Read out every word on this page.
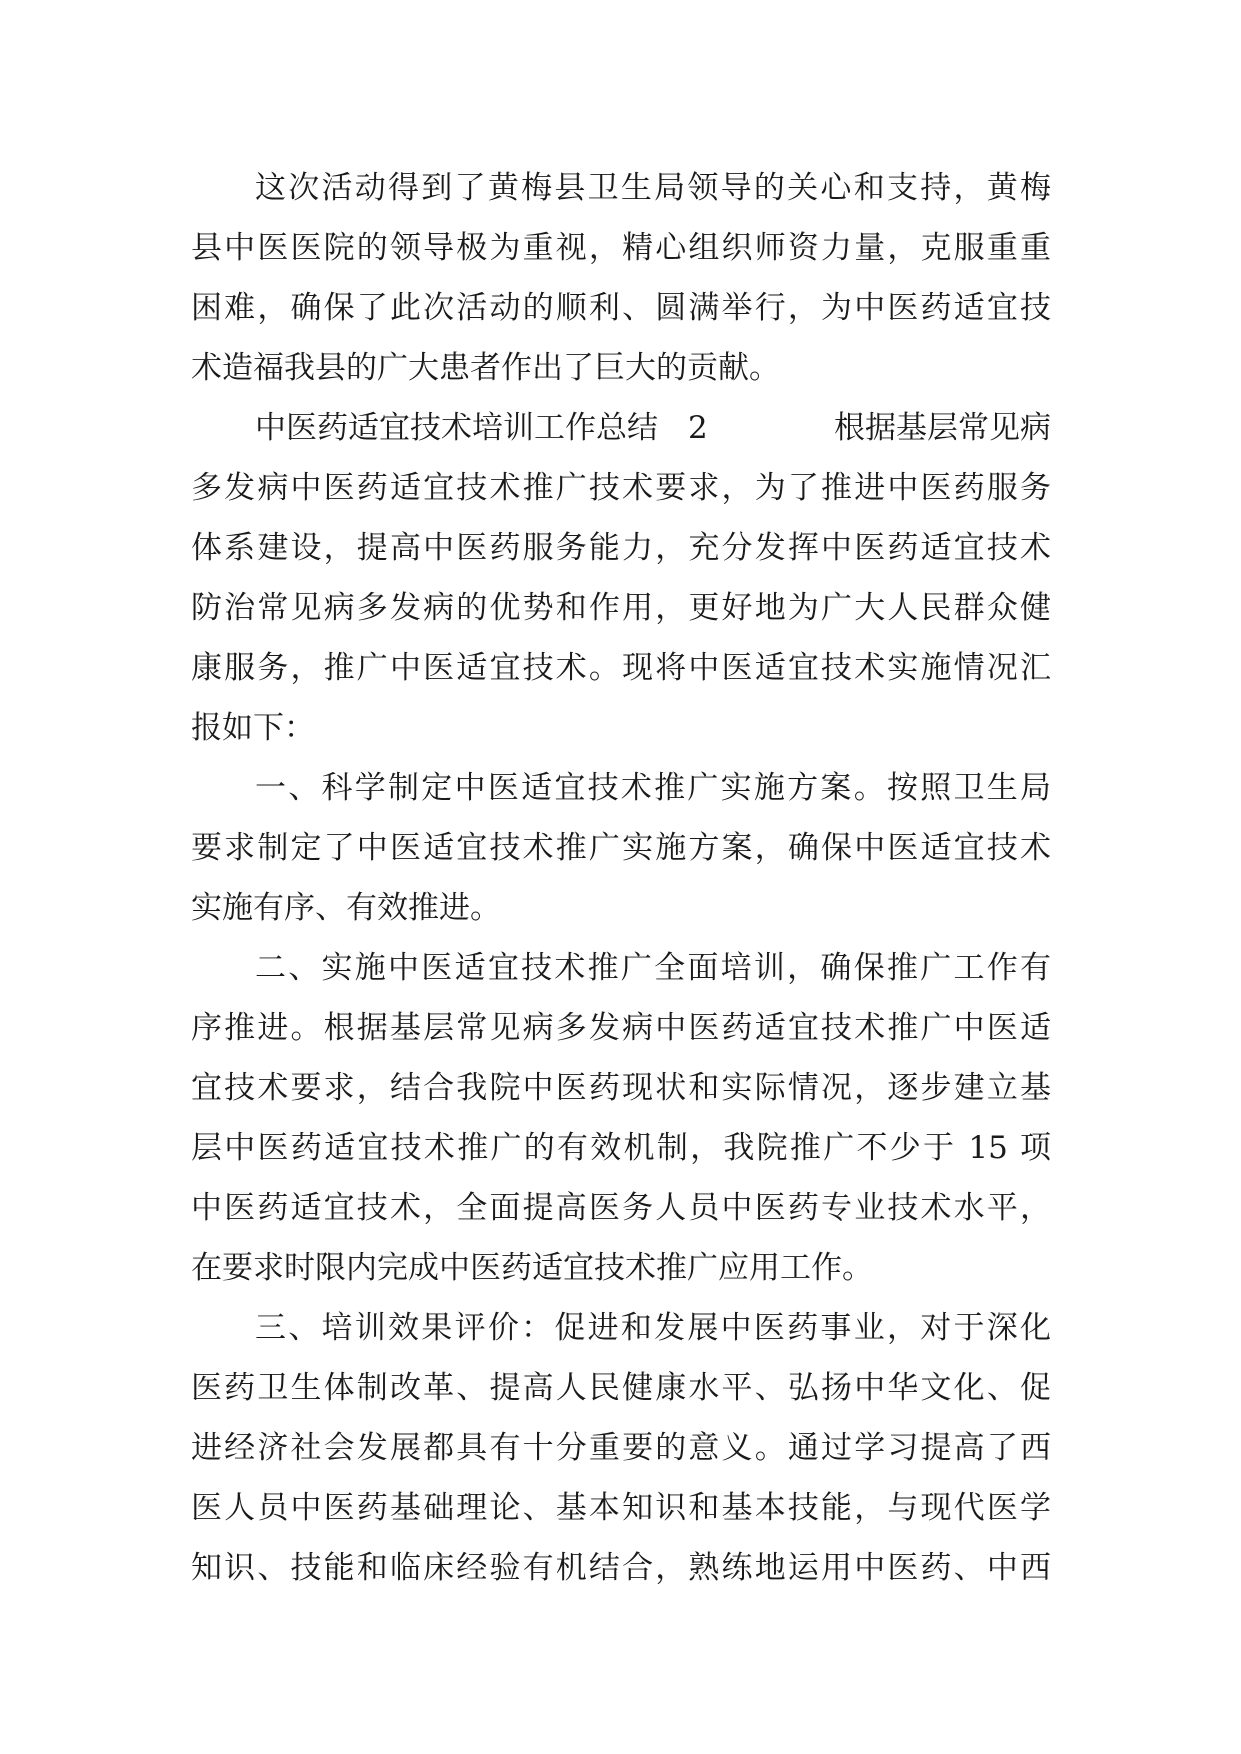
这次活动得到了黄梅县卫生局领导的关心和支持，黄梅
县中医医院的领导极为重视，精心组织师资力量，克服重重
困难，确保了此次活动的顺利、圆满举行，为中医药适宜技
术造福我县的广大患者作出了巨大的贡献。
中医药适宜技术培训工作总结 2	根据基层常见病
多发病中医药适宜技术推广技术要求，为了推进中医药服务
体系建设，提高中医药服务能力，充分发挥中医药适宜技术
防治常见病多发病的优势和作用，更好地为广大人民群众健
康服务，推广中医适宜技术。现将中医适宜技术实施情况汇
报如下：
一、科学制定中医适宜技术推广实施方案。按照卫生局
要求制定了中医适宜技术推广实施方案，确保中医适宜技术
实施有序、有效推进。
二、实施中医适宜技术推广全面培训，确保推广工作有
序推进。根据基层常见病多发病中医药适宜技术推广中医适
宜技术要求，结合我院中医药现状和实际情况，逐步建立基
层中医药适宜技术推广的有效机制，我院推广不少于 15 项
中医药适宜技术，全面提高医务人员中医药专业技术水平，
在要求时限内完成中医药适宜技术推广应用工作。
三、培训效果评价：促进和发展中医药事业，对于深化
医药卫生体制改革、提高人民健康水平、弘扬中华文化、促
进经济社会发展都具有十分重要的意义。通过学习提高了西
医人员中医药基础理论、基本知识和基本技能，与现代医学
知识、技能和临床经验有机结合，熟练地运用中医药、中西
